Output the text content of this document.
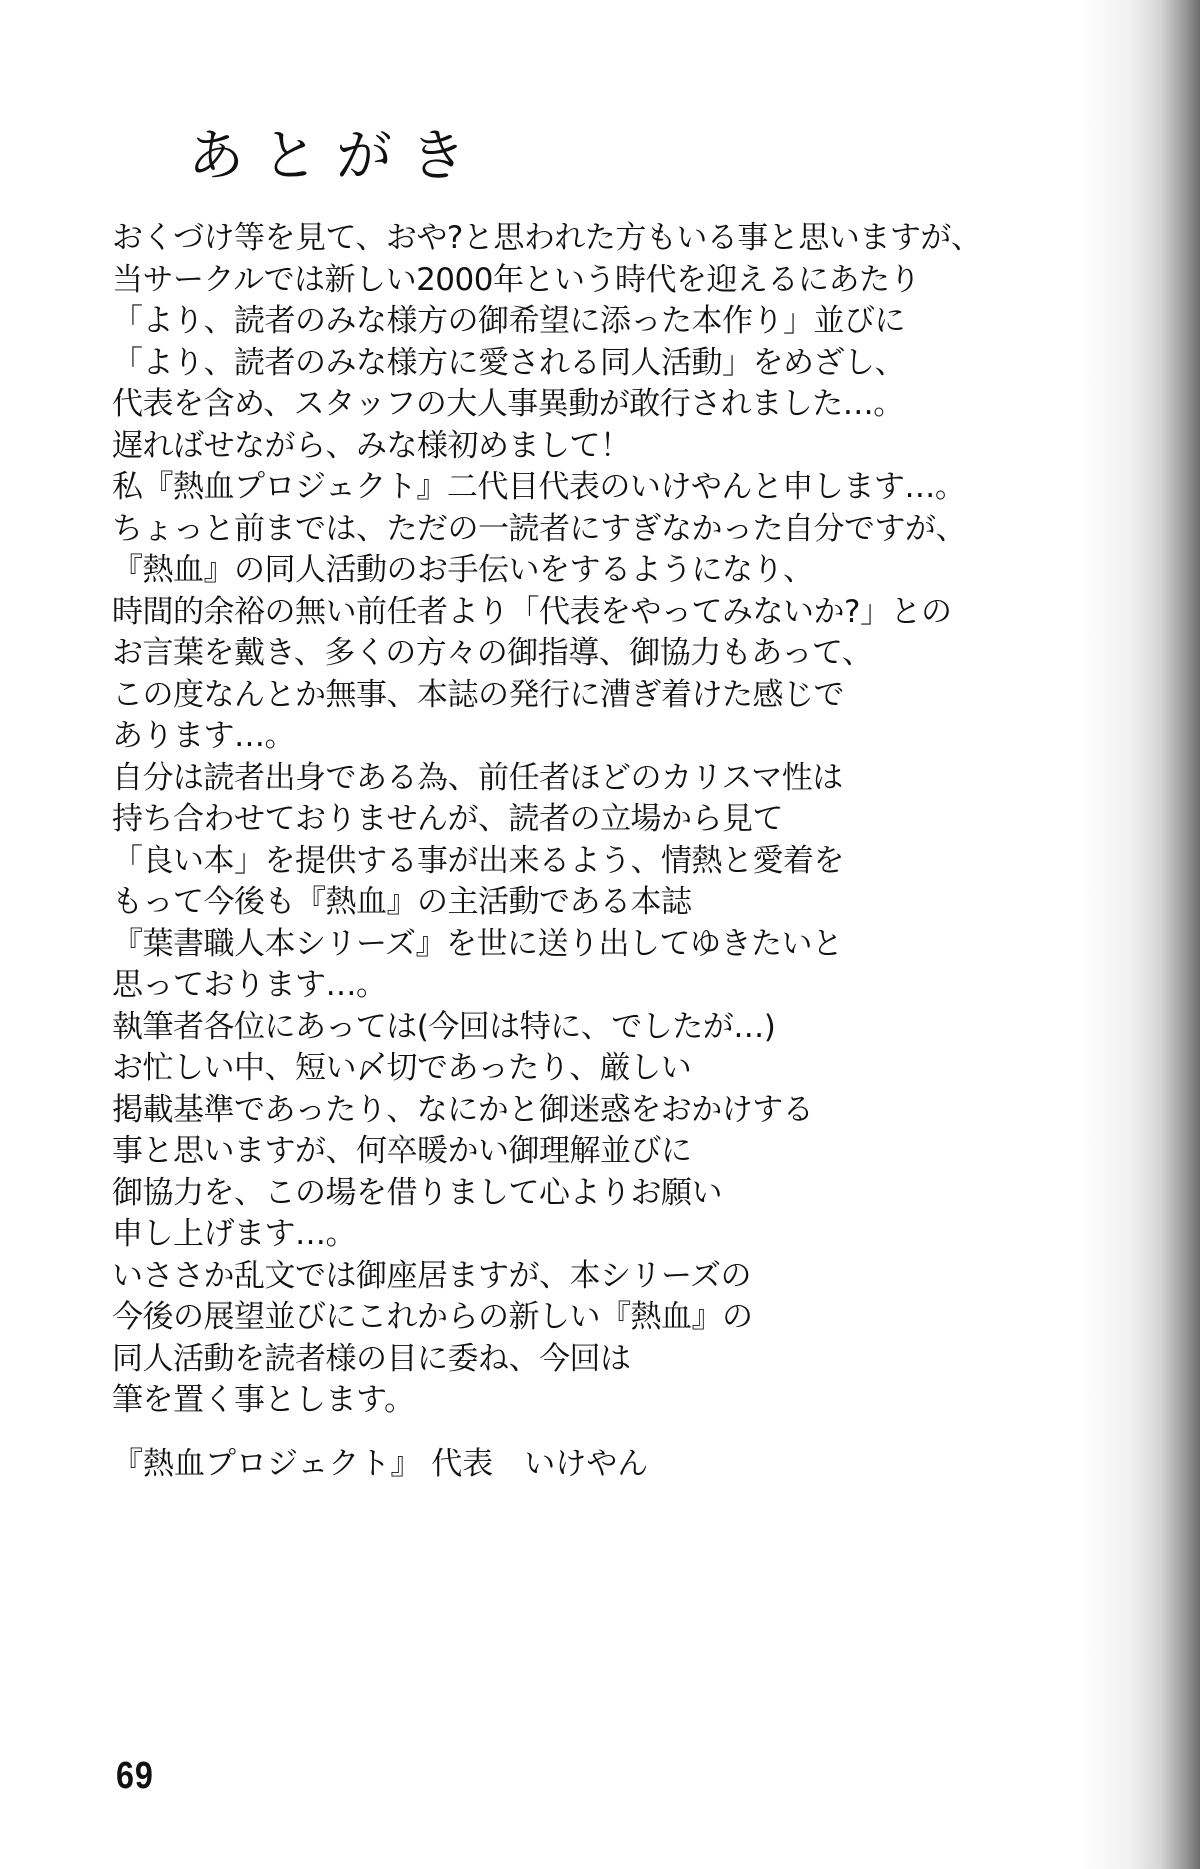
あとがき
おくづけ等を見て、おや?と思われた方もいる事と思いますが、
当サークルでは新しい2000年という時代を迎えるにあたり
「より、読者のみな様方の御希望に添った本作り」並びに
「より、読者のみな様方に愛される同人活動」をめざし、
代表を含め、スタッフの大人事異動が敢行されました…。
遅ればせながら、みな様初めまして！
私『熱血プロジェクト』二代目代表のいけやんと申します…。
ちょっと前までは、ただの一読者にすぎなかった自分ですが、
『熱血』の同人活動のお手伝いをするようになり、
時間的余裕の無い前任者より「代表をやってみないか?」との
お言葉を戴き、多くの方々の御指導、御協力もあって、
この度なんとか無事、本誌の発行に漕ぎ着けた感じで
あります…。
自分は読者出身である為、前任者ほどのカリスマ性は
持ち合わせておりませんが、読者の立場から見て
「良い本」を提供する事が出来るよう、情熱と愛着を
もって今後も『熱血』の主活動である本誌
『葉書職人本シリーズ』を世に送り出してゆきたいと
思っております…。
執筆者各位にあっては(今回は特に、でしたが…)
お忙しい中、短い〆切であったり、厳しい
掲載基準であったり、なにかと御迷惑をおかけする
事と思いますが、何卒暖かい御理解並びに
御協力を、この場を借りまして心よりお願い
申し上げます…。
いささか乱文では御座居ますが、本シリーズの
今後の展望並びにこれからの新しい『熱血』の
同人活動を読者様の目に委ね、今回は
筆を置く事とします。
『熱血プロジェクト』 代表　いけやん
69
